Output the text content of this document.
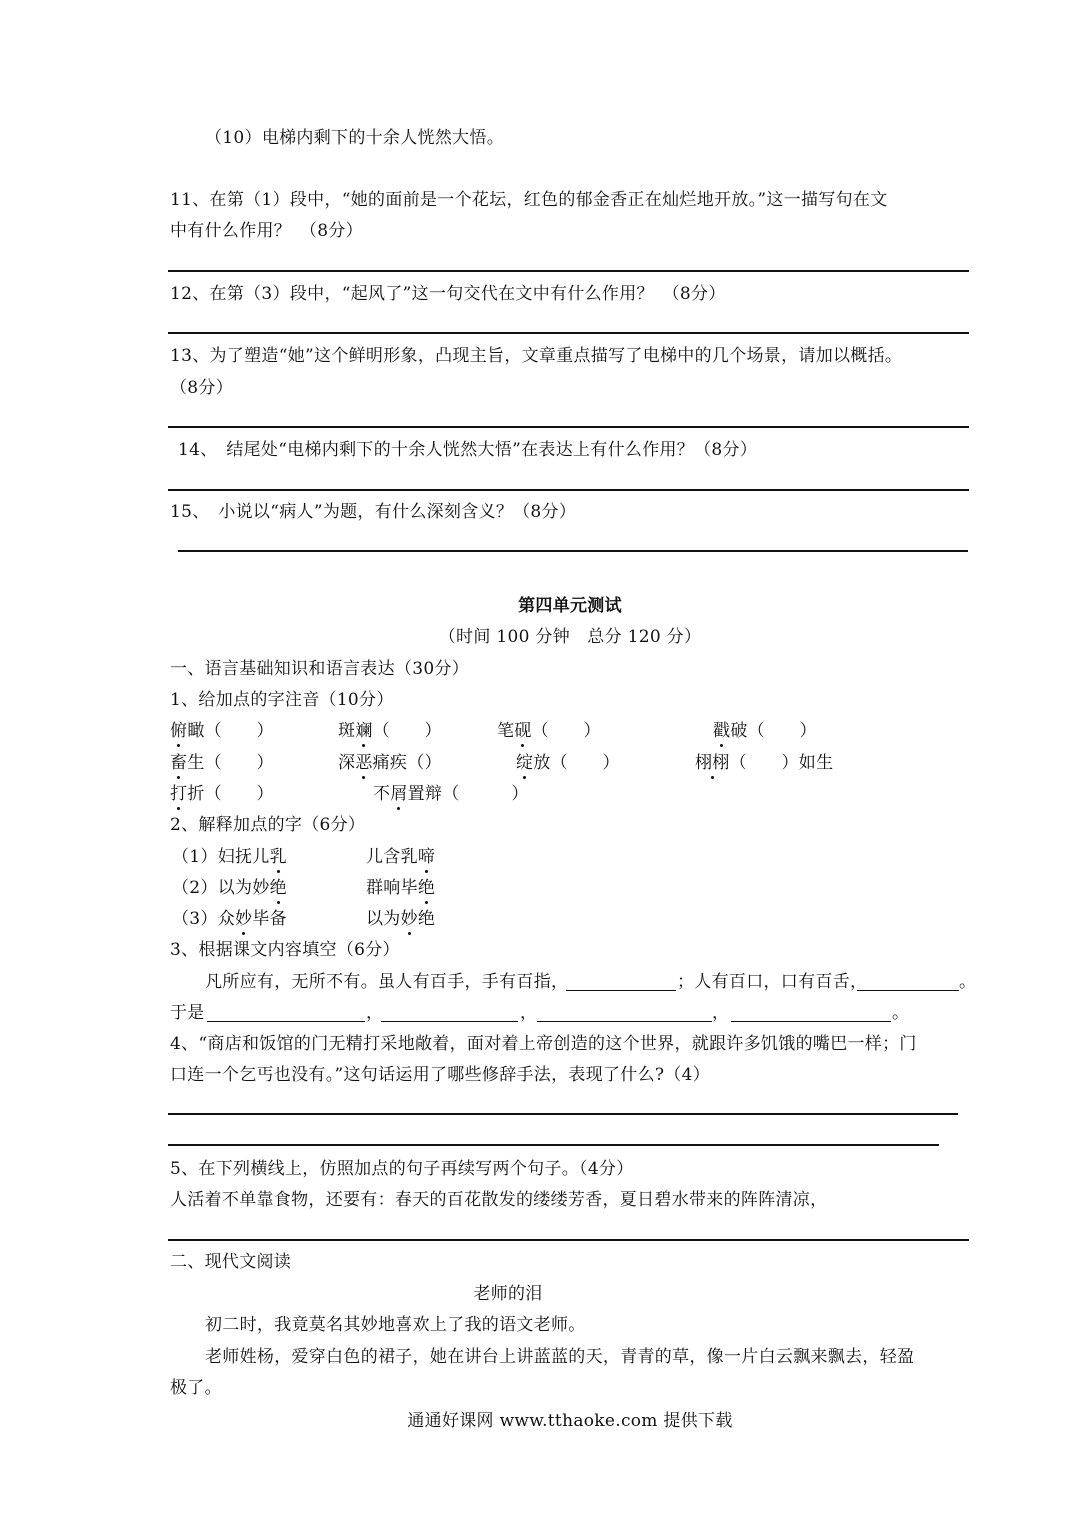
（10）电梯内剩下的十余人恍然大悟。
11、在第（1）段中，“她的面前是一个花坛，红色的郁金香正在灿烂地开放。”这一描写句在文
中有什么作用？　（8分）
12、在第（3）段中，“起风了”这一句交代在文中有什么作用？　（8分）
13、为了塑造“她”这个鲜明形象，凸现主旨，文章重点描写了电梯中的几个场景，请加以概括。
（8分）
14、　结尾处“电梯内剩下的十余人恍然大悟”在表达上有什么作用？（8分）
15、　小说以“病人”为题，有什么深刻含义？（8分）
第四单元测试
（时间 100 分钟　总分 120 分）
一、语言基础知识和语言表达（30分）
1、给加点的字注音（10分）
俯瞰（　　）	斑斓（　　）	笔砚（　　）	戳破（　　）
畜生（　　）	深恶痛疾（）	绽放（　　）	栩栩（　　）如生
打折（　　）	不屑置辩（　　　）
2、解释加点的字（6分）
（1）妇抚儿乳	儿含乳啼
（2）以为妙绝	群响毕绝
（3）众妙毕备	以为妙绝
3、根据课文内容填空（6分）
凡所应有，无所不有。虽人有百手，手有百指，	；人有百口，口有百舌，	。
于是	，	，	，	。
4、“商店和饭馆的门无精打采地敞着，面对着上帝创造的这个世界，就跟许多饥饿的嘴巴一样；门
口连一个乞丐也没有。”这句话运用了哪些修辞手法，表现了什么?（4）
5、在下列横线上，仿照加点的句子再续写两个句子。（4分）
人活着不单靠食物，还要有：春天的百花散发的缕缕芳香，夏日碧水带来的阵阵清凉，
二、现代文阅读
老师的泪
初二时，我竟莫名其妙地喜欢上了我的语文老师。
老师姓杨，爱穿白色的裙子，她在讲台上讲蓝蓝的天，青青的草，像一片白云飘来飘去，轻盈
极了。
通通好课网 www.tthaoke.com 提供下载
